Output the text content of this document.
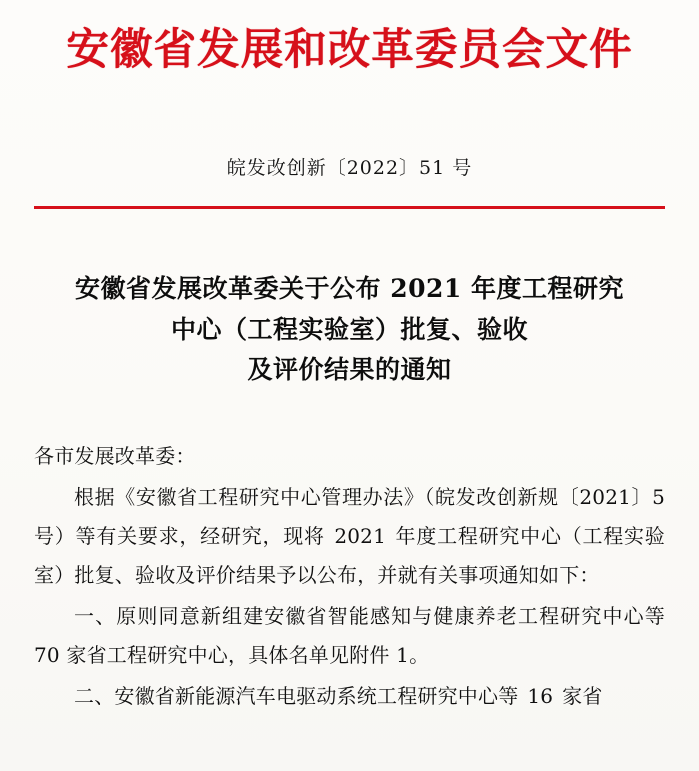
安徽省发展和改革委员会文件
皖发改创新〔2022〕51 号
安徽省发展改革委关于公布 2021 年度工程研究
中心（工程实验室）批复、验收
及评价结果的通知
各市发展改革委：
根据《安徽省工程研究中心管理办法》（皖发改创新规〔2021〕5 号）等有关要求，经研究，现将 2021 年度工程研究中心（工程实验室）批复、验收及评价结果予以公布，并就有关事项通知如下：
一、原则同意新组建安徽省智能感知与健康养老工程研究中心等 70 家省工程研究中心，具体名单见附件 1。
二、安徽省新能源汽车电驱动系统工程研究中心等 16 家省
